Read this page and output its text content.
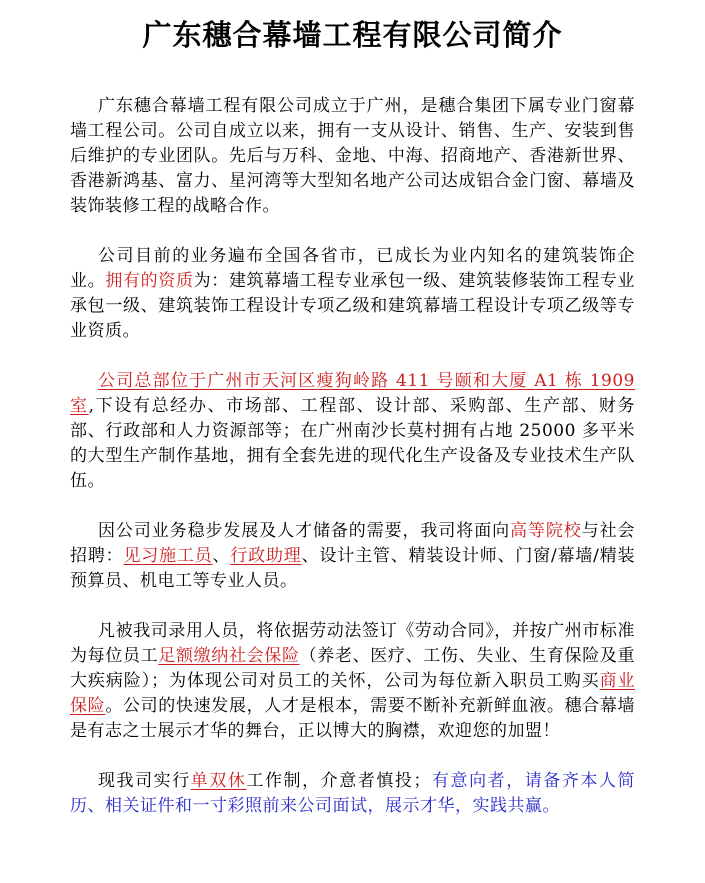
广东穗合幕墙工程有限公司简介

广东穗合幕墙工程有限公司成立于广州，是穗合集团下属专业门窗幕墙工程公司。公司自成立以来，拥有一支从设计、销售、生产、安装到售后维护的专业团队。先后与万科、金地、中海、招商地产、香港新世界、香港新鸿基、富力、星河湾等大型知名地产公司达成铝合金门窗、幕墙及装饰装修工程的战略合作。

公司目前的业务遍布全国各省市，已成长为业内知名的建筑装饰企业。拥有的资质为：建筑幕墙工程专业承包一级、建筑装修装饰工程专业承包一级、建筑装饰工程设计专项乙级和建筑幕墙工程设计专项乙级等专业资质。

公司总部位于广州市天河区瘦狗岭路 411 号颐和大厦 A1 栋 1909 室,下设有总经办、市场部、工程部、设计部、采购部、生产部、财务部、行政部和人力资源部等；在广州南沙长莫村拥有占地 25000 多平米的大型生产制作基地，拥有全套先进的现代化生产设备及专业技术生产队伍。

因公司业务稳步发展及人才储备的需要，我司将面向高等院校与社会招聘：见习施工员、行政助理、设计主管、精装设计师、门窗/幕墙/精装预算员、机电工等专业人员。

凡被我司录用人员，将依据劳动法签订《劳动合同》，并按广州市标准为每位员工足额缴纳社会保险（养老、医疗、工伤、失业、生育保险及重大疾病险）；为体现公司对员工的关怀，公司为每位新入职员工购买商业保险。公司的快速发展，人才是根本，需要不断补充新鲜血液。穗合幕墙是有志之士展示才华的舞台，正以博大的胸襟，欢迎您的加盟！

现我司实行单双休工作制，介意者慎投；有意向者，请备齐本人简历、相关证件和一寸彩照前来公司面试，展示才华，实践共赢。
